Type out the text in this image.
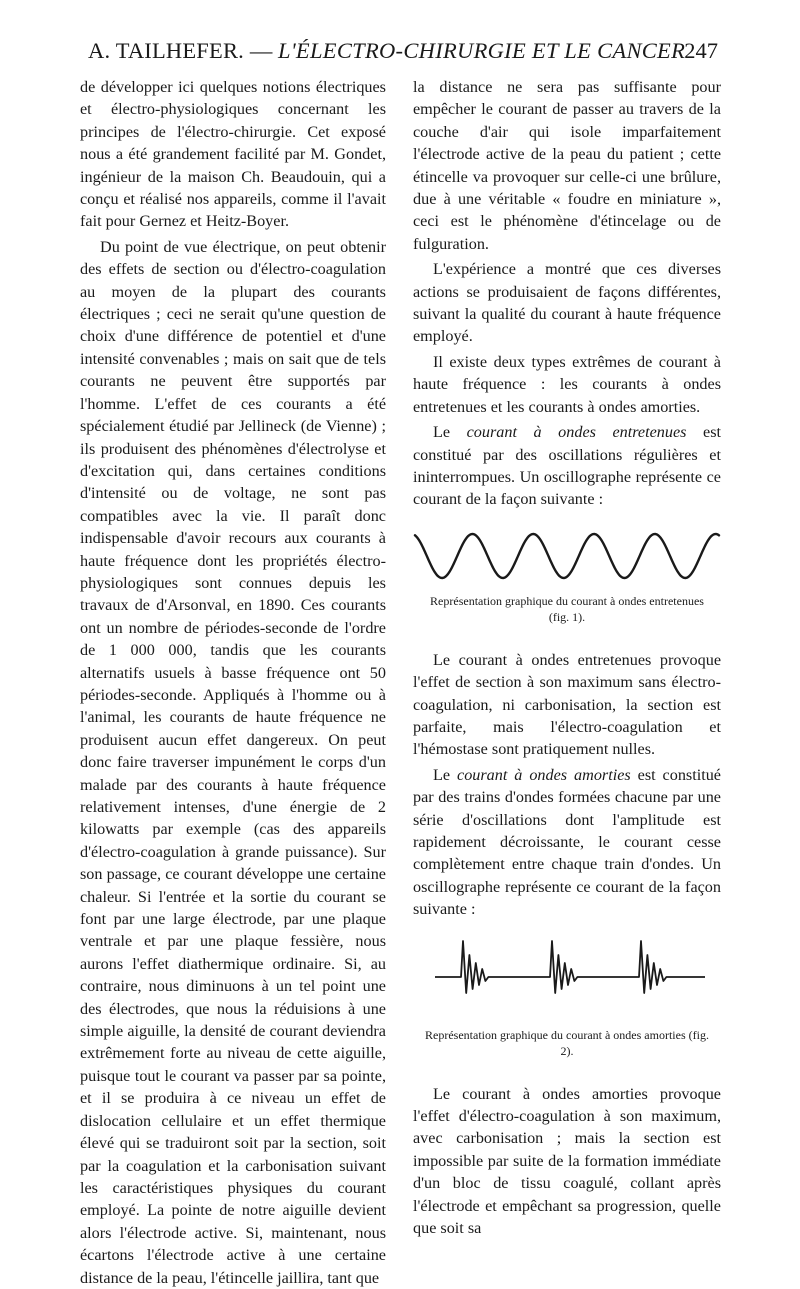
A. TAILHEFER. — L'ÉLECTRO-CHIRURGIE ET LE CANCER 247

de développer ici quelques notions électriques et électro-physiologiques concernant les principes de l'électro-chirurgie. Cet exposé nous a été grandement facilité par M. Gondet, ingénieur de la maison Ch. Beaudouin, qui a conçu et réalisé nos appareils, comme il l'avait fait pour Gernez et Heitz-Boyer.

Du point de vue électrique, on peut obtenir des effets de section ou d'électro-coagulation au moyen de la plupart des courants électriques ; ceci ne serait qu'une question de choix d'une différence de potentiel et d'une intensité convenables ; mais on sait que de tels courants ne peuvent être supportés par l'homme. L'effet de ces courants a été spécialement étudié par Jellineck (de Vienne) ; ils produisent des phénomènes d'électrolyse et d'excitation qui, dans certaines conditions d'intensité ou de voltage, ne sont pas compatibles avec la vie. Il paraît donc indispensable d'avoir recours aux courants à haute fréquence dont les propriétés électro-physiologiques sont connues depuis les travaux de d'Arsonval, en 1890. Ces courants ont un nombre de périodes-seconde de l'ordre de 1 000 000, tandis que les courants alternatifs usuels à basse fréquence ont 50 périodes-seconde. Appliqués à l'homme ou à l'animal, les courants de haute fréquence ne produisent aucun effet dangereux. On peut donc faire traverser impunément le corps d'un malade par des courants à haute fréquence relativement intenses, d'une énergie de 2 kilowatts par exemple (cas des appareils d'électro-coagulation à grande puissance). Sur son passage, ce courant développe une certaine chaleur. Si l'entrée et la sortie du courant se font par une large électrode, par une plaque ventrale et par une plaque fessière, nous aurons l'effet diathermique ordinaire. Si, au contraire, nous diminuons à un tel point une des électrodes, que nous la réduisions à une simple aiguille, la densité de courant deviendra extrêmement forte au niveau de cette aiguille, puisque tout le courant va passer par sa pointe, et il se produira à ce niveau un effet de dislocation cellulaire et un effet thermique élevé qui se traduiront soit par la section, soit par la coagulation et la carbonisation suivant les caractéristiques physiques du courant employé. La pointe de notre aiguille devient alors l'électrode active. Si, maintenant, nous écartons l'électrode active à une certaine distance de la peau, l'étincelle jaillira, tant que

la distance ne sera pas suffisante pour empêcher le courant de passer au travers de la couche d'air qui isole imparfaitement l'électrode active de la peau du patient ; cette étincelle va provoquer sur celle-ci une brûlure, due à une véritable « foudre en miniature », ceci est le phénomène d'étincelage ou de fulguration.

L'expérience a montré que ces diverses actions se produisaient de façons différentes, suivant la qualité du courant à haute fréquence employé.

Il existe deux types extrêmes de courant à haute fréquence : les courants à ondes entretenues et les courants à ondes amorties.

Le courant à ondes entretenues est constitué par des oscillations régulières et ininterrompues. Un oscillographe représente ce courant de la façon suivante :

Représentation graphique du courant à ondes entretenues (fig. 1).

Le courant à ondes entretenues provoque l'effet de section à son maximum sans électro-coagulation, ni carbonisation, la section est parfaite, mais l'électro-coagulation et l'hémostase sont pratiquement nulles.

Le courant à ondes amorties est constitué par des trains d'ondes formées chacune par une série d'oscillations dont l'amplitude est rapidement décroissante, le courant cesse complètement entre chaque train d'ondes. Un oscillographe représente ce courant de la façon suivante :

Représentation graphique du courant à ondes amorties (fig. 2).

Le courant à ondes amorties provoque l'effet d'électro-coagulation à son maximum, avec carbonisation ; mais la section est impossible par suite de la formation immédiate d'un bloc de tissu coagulé, collant après l'électrode et empêchant sa progression, quelle que soit sa
